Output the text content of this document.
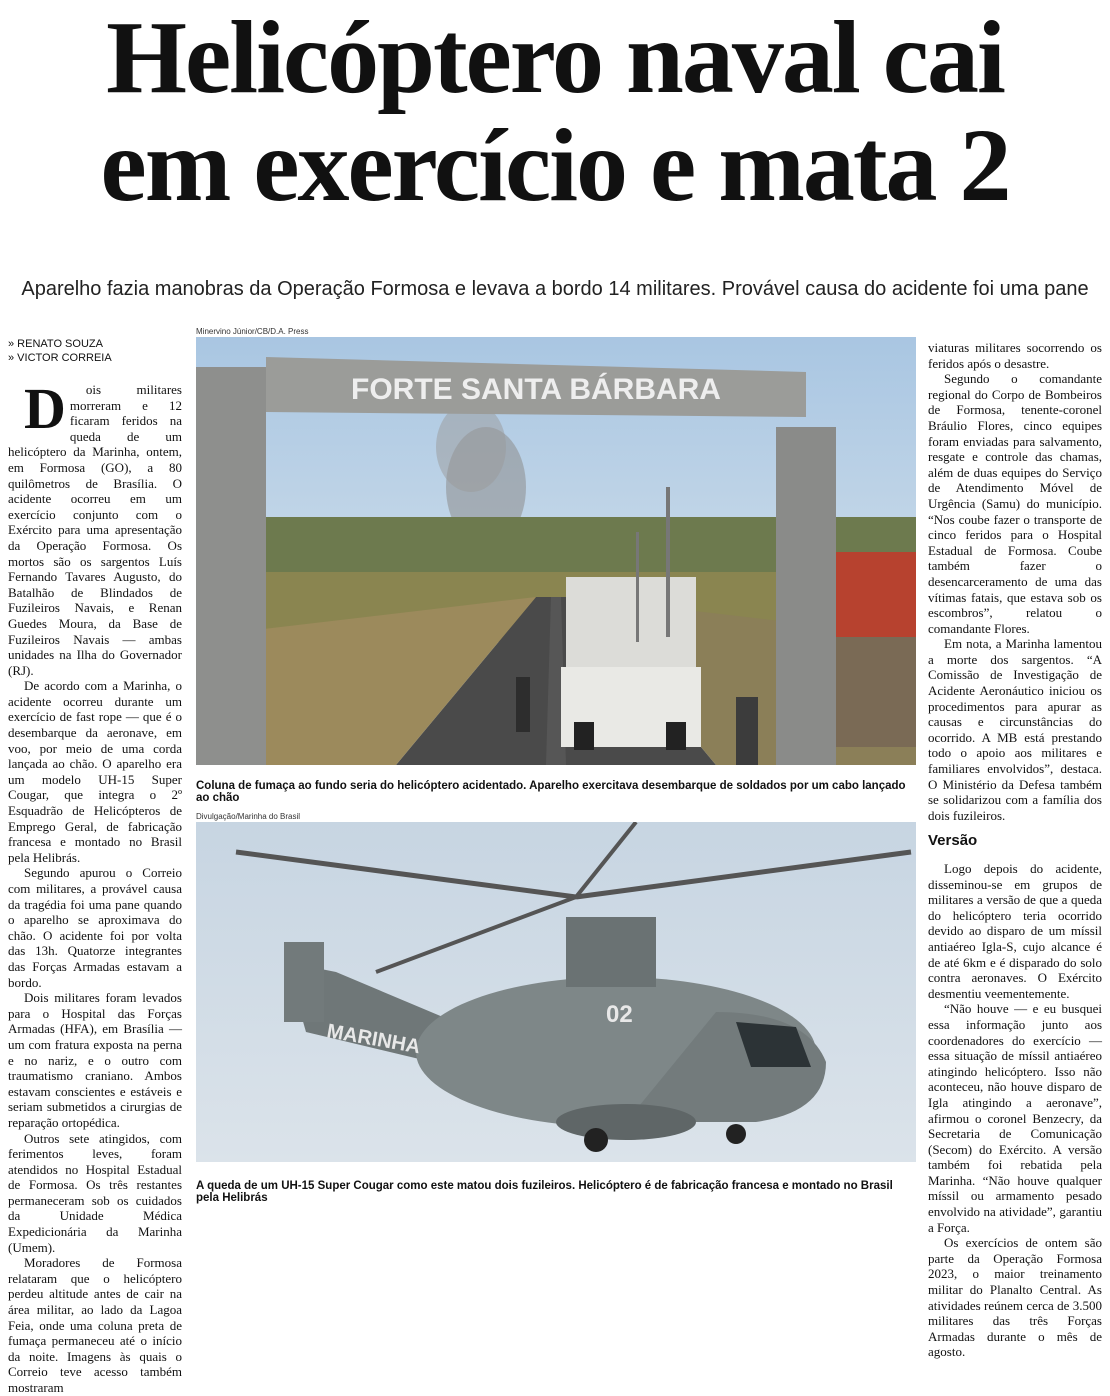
Helicóptero naval cai
em exercício e mata 2
Aparelho fazia manobras da Operação Formosa e levava a bordo 14 militares. Provável causa do acidente foi uma pane
» RENATO SOUZA
» VICTOR CORREIA

Dois militares morreram e 12 ficaram feridos na queda de um helicóptero da Marinha, ontem, em Formosa (GO), a 80 quilômetros de Brasília. O acidente ocorreu em um exercício conjunto com o Exército para uma apresentação da Operação Formosa. Os mortos são os sargentos Luís Fernando Tavares Augusto, do Batalhão de Blindados de Fuzileiros Navais, e Renan Guedes Moura, da Base de Fuzileiros Navais — ambas unidades na Ilha do Governador (RJ).

De acordo com a Marinha, o acidente ocorreu durante um exercício de fast rope — que é o desembarque da aeronave, em voo, por meio de uma corda lançada ao chão. O aparelho era um modelo UH-15 Super Cougar, que integra o 2º Esquadrão de Helicópteros de Emprego Geral, de fabricação francesa e montado no Brasil pela Helibrás.

Segundo apurou o Correio com militares, a provável causa da tragédia foi uma pane quando o aparelho se aproximava do chão. O acidente foi por volta das 13h. Quatorze integrantes das Forças Armadas estavam a bordo.

Dois militares foram levados para o Hospital das Forças Armadas (HFA), em Brasília — um com fratura exposta na perna e no nariz, e o outro com traumatismo craniano. Ambos estavam conscientes e estáveis e seriam submetidos a cirurgias de reparação ortopédica.

Outros sete atingidos, com ferimentos leves, foram atendidos no Hospital Estadual de Formosa. Os três restantes permaneceram sob os cuidados da Unidade Médica Expedicionária da Marinha (Umem).

Moradores de Formosa relataram que o helicóptero perdeu altitude antes de cair na área militar, ao lado da Lagoa Feia, onde uma coluna preta de fumaça permaneceu até o início da noite. Imagens às quais o Correio teve acesso também mostraram

Minervino Júnior/CB/D.A. Press
FORTE SANTA BÁRBARA
Coluna de fumaça ao fundo seria do helicóptero acidentado. Aparelho exercitava desembarque de soldados por um cabo lançado ao chão
Divulgação/Marinha do Brasil
MARINHA
02
A queda de um UH-15 Super Cougar como este matou dois fuzileiros. Helicóptero é de fabricação francesa e montado no Brasil pela Helibrás

viaturas militares socorrendo os feridos após o desastre.

Segundo o comandante regional do Corpo de Bombeiros de Formosa, tenente-coronel Bráulio Flores, cinco equipes foram enviadas para salvamento, resgate e controle das chamas, além de duas equipes do Serviço de Atendimento Móvel de Urgência (Samu) do município. “Nos coube fazer o transporte de cinco feridos para o Hospital Estadual de Formosa. Coube também fazer o desencarceramento de uma das vítimas fatais, que estava sob os escombros”, relatou o comandante Flores.

Em nota, a Marinha lamentou a morte dos sargentos. “A Comissão de Investigação de Acidente Aeronáutico iniciou os procedimentos para apurar as causas e circunstâncias do ocorrido. A MB está prestando todo o apoio aos militares e familiares envolvidos”, destaca. O Ministério da Defesa também se solidarizou com a família dos dois fuzileiros.

Versão

Logo depois do acidente, disseminou-se em grupos de militares a versão de que a queda do helicóptero teria ocorrido devido ao disparo de um míssil antiaéreo Igla-S, cujo alcance é de até 6km e é disparado do solo contra aeronaves. O Exército desmentiu veementemente.

“Não houve — e eu busquei essa informação junto aos coordenadores do exercício — essa situação de míssil antiaéreo atingindo helicóptero. Isso não aconteceu, não houve disparo de Igla atingindo a aeronave”, afirmou o coronel Benzecry, da Secretaria de Comunicação (Secom) do Exército. A versão também foi rebatida pela Marinha. “Não houve qualquer míssil ou armamento pesado envolvido na atividade”, garantiu a Força.

Os exercícios de ontem são parte da Operação Formosa 2023, o maior treinamento militar do Planalto Central. As atividades reúnem cerca de 3.500 militares das três Forças Armadas durante o mês de agosto.
